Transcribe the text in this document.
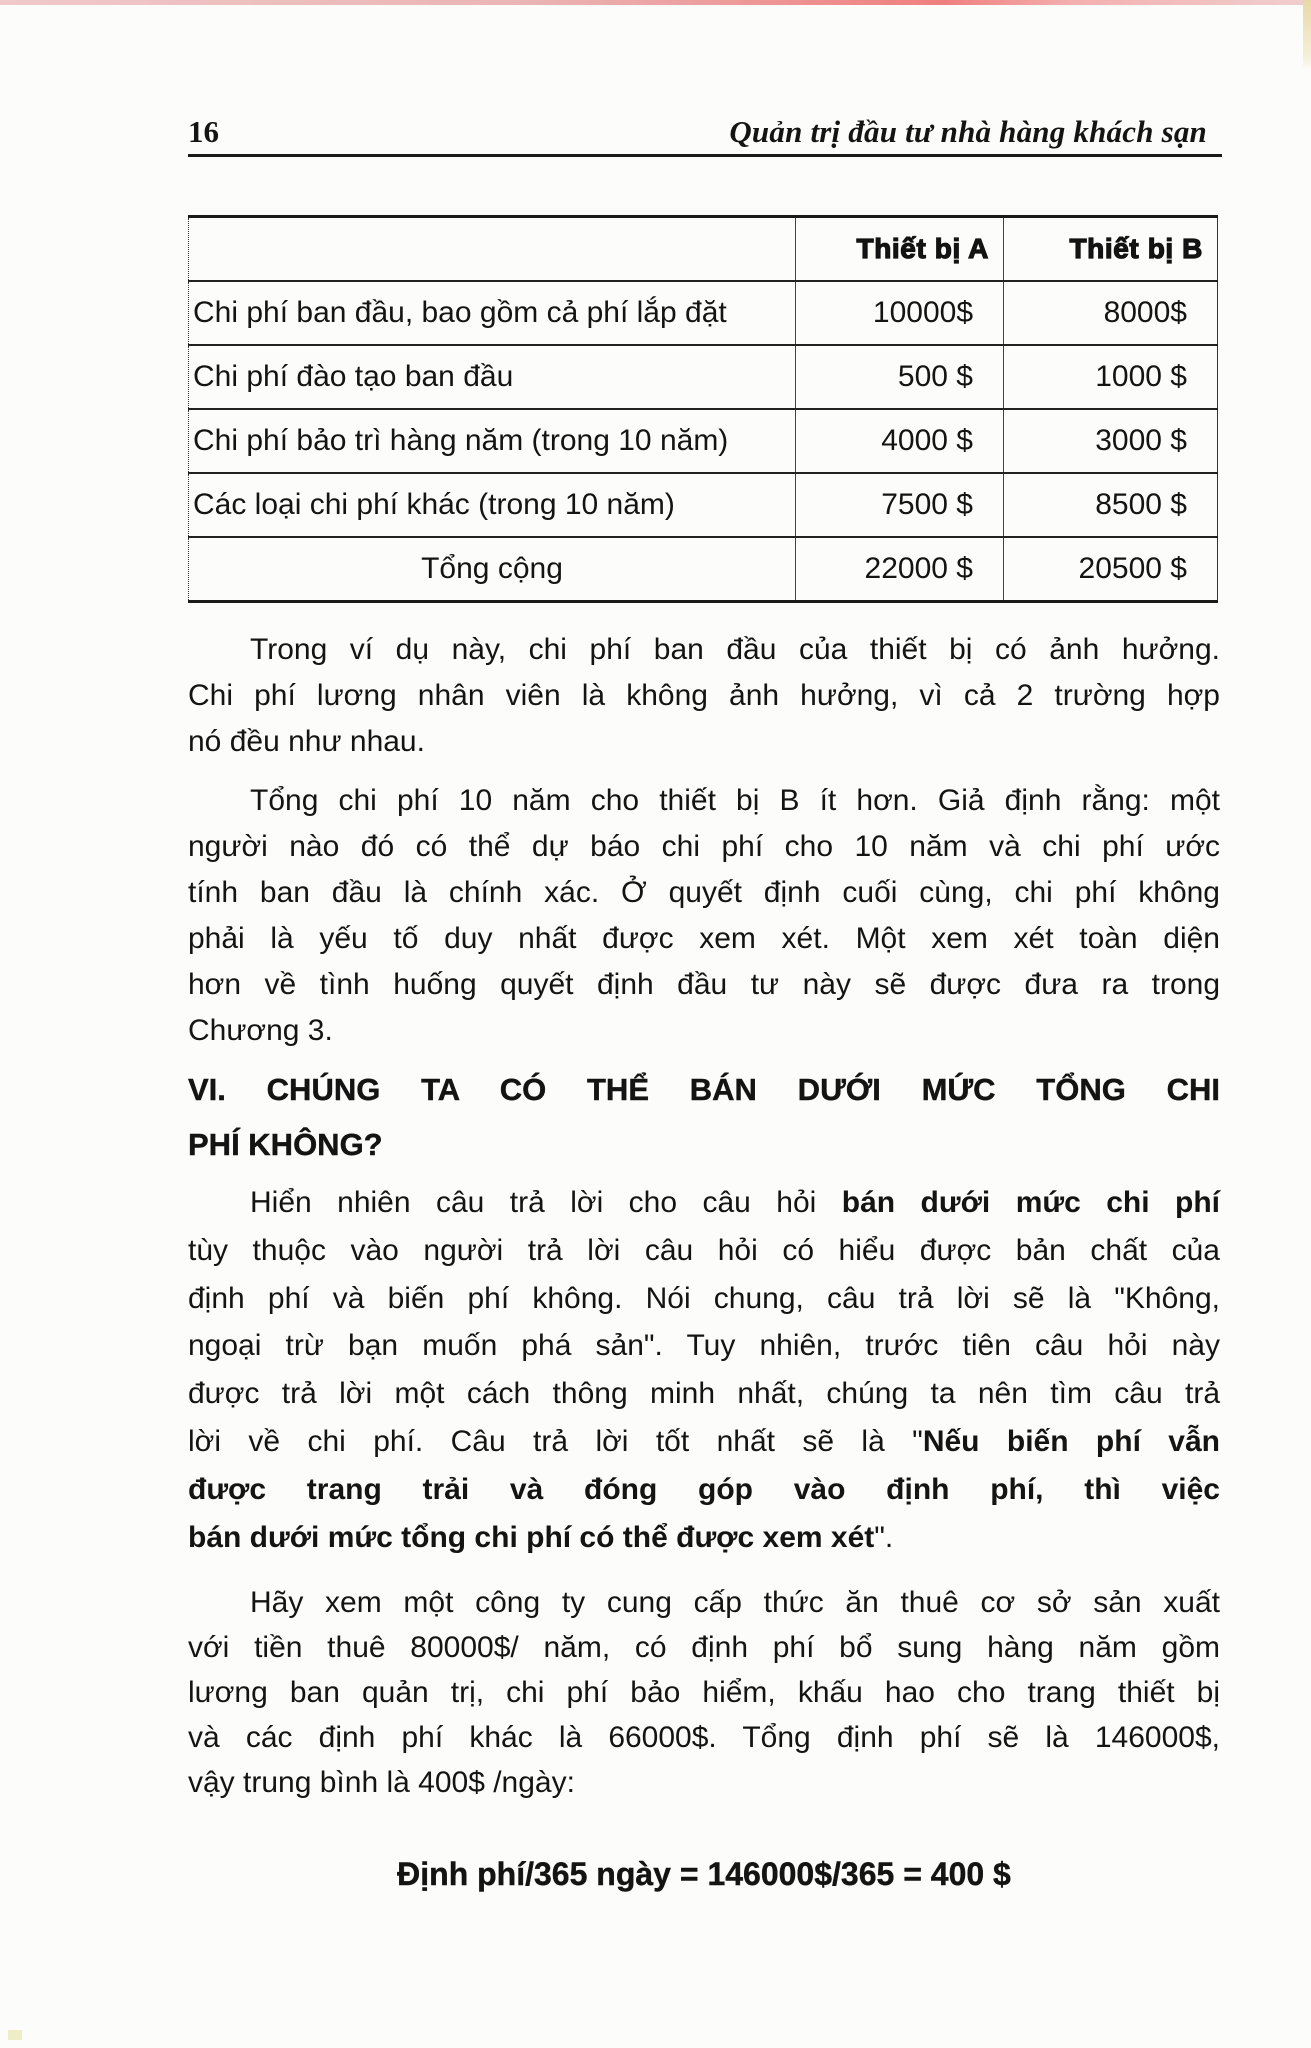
16	Quản trị đầu tư nhà hàng khách sạn
	Thiết bị A	Thiết bị B
Chi phí ban đầu, bao gồm cả phí lắp đặt	10000$	8000$
Chi phí đào tạo ban đầu	500 $	1000 $
Chi phí bảo trì hàng năm (trong 10 năm)	4000 $	3000 $
Các loại chi phí khác (trong 10 năm)	7500 $	8500 $
Tổng cộng	22000 $	20500 $
Trong ví dụ này, chi phí ban đầu của thiết bị có ảnh hưởng.
Chi phí lương nhân viên là không ảnh hưởng, vì cả 2 trường hợp
nó đều như nhau.
Tổng chi phí 10 năm cho thiết bị B ít hơn. Giả định rằng: một
người nào đó có thể dự báo chi phí cho 10 năm và chi phí ước
tính ban đầu là chính xác. Ở quyết định cuối cùng, chi phí không
phải là yếu tố duy nhất được xem xét. Một xem xét toàn diện
hơn về tình huống quyết định đầu tư này sẽ được đưa ra trong
Chương 3.
VI. CHÚNG TA CÓ THỂ BÁN DƯỚI MỨC TỔNG CHI
PHÍ KHÔNG?
Hiển nhiên câu trả lời cho câu hỏi bán dưới mức chi phí
tùy thuộc vào người trả lời câu hỏi có hiểu được bản chất của
định phí và biến phí không. Nói chung, câu trả lời sẽ là "Không,
ngoại trừ bạn muốn phá sản". Tuy nhiên, trước tiên câu hỏi này
được trả lời một cách thông minh nhất, chúng ta nên tìm câu trả
lời về chi phí. Câu trả lời tốt nhất sẽ là "Nếu biến phí vẫn
được trang trải và đóng góp vào định phí, thì việc
bán dưới mức tổng chi phí có thể được xem xét".
Hãy xem một công ty cung cấp thức ăn thuê cơ sở sản xuất
với tiền thuê 80000$/ năm, có định phí bổ sung hàng năm gồm
lương ban quản trị, chi phí bảo hiểm, khấu hao cho trang thiết bị
và các định phí khác là 66000$. Tổng định phí sẽ là 146000$,
vậy trung bình là 400$ /ngày:
Định phí/365 ngày = 146000$/365 = 400 $
